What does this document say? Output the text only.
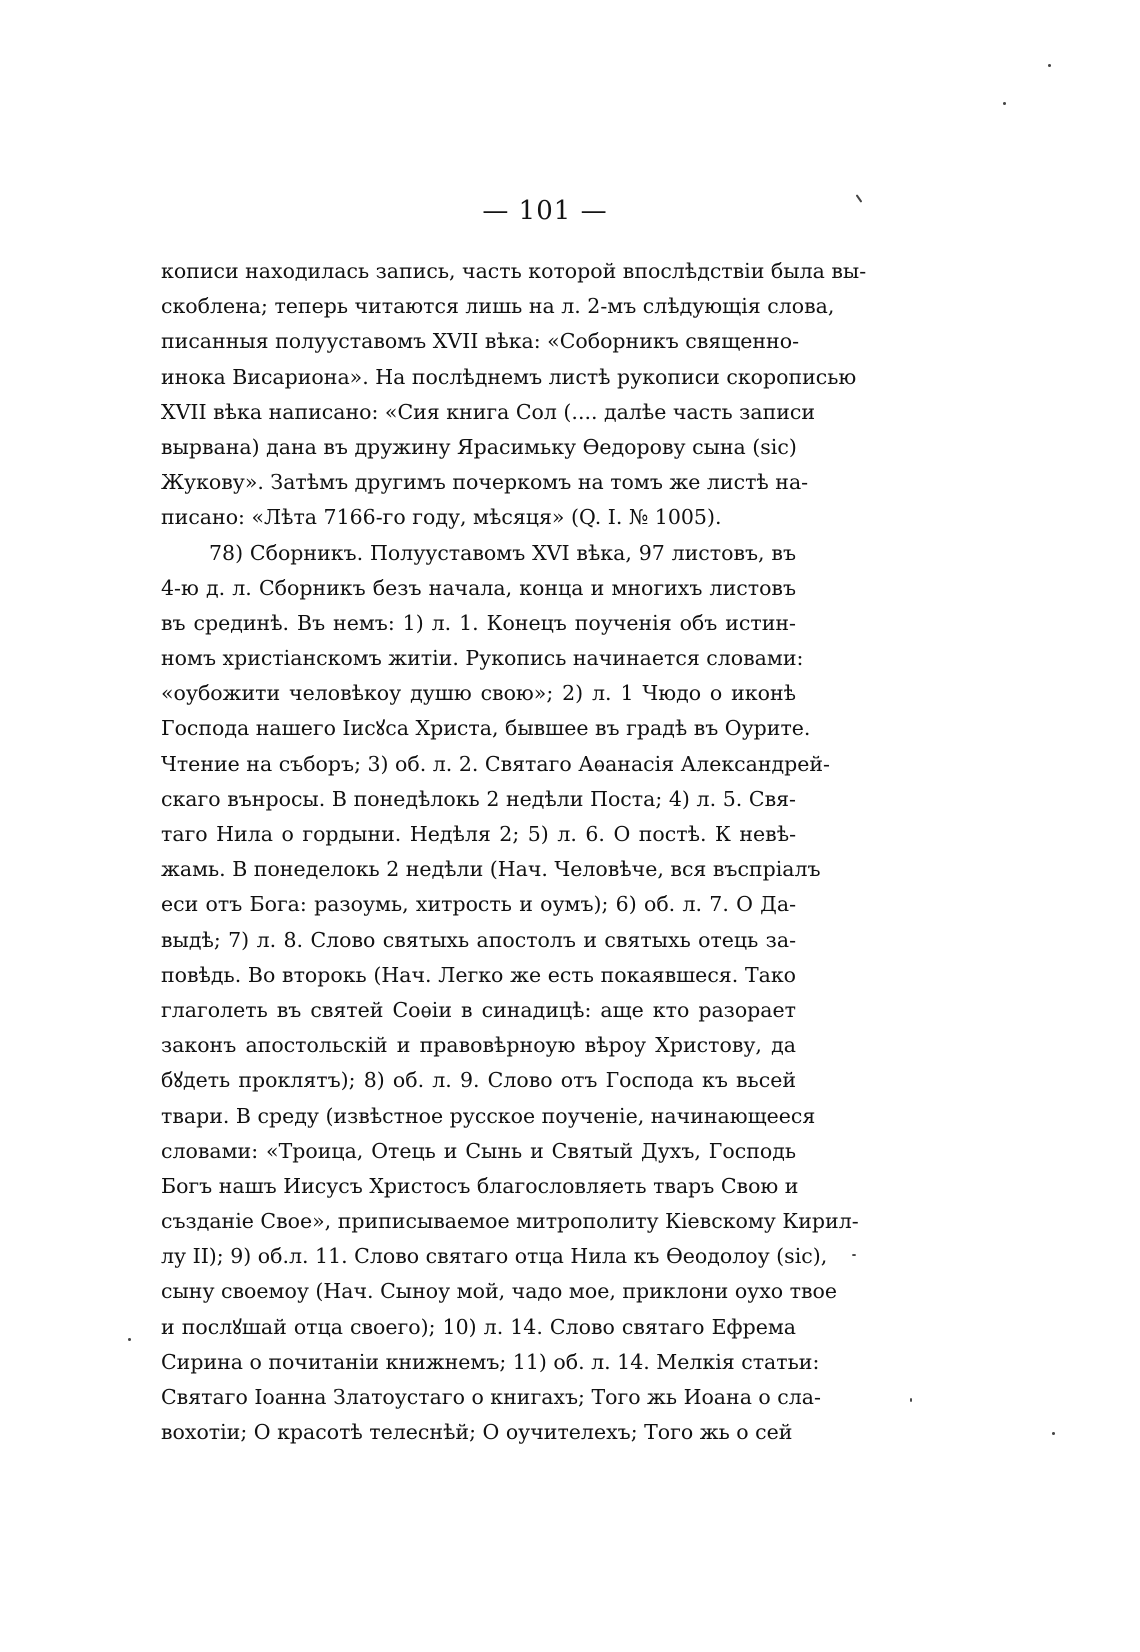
— 101 —
кописи находилась запись, часть которой впослѣдствіи была вы-
скоблена; теперь читаются лишь на л. 2-мъ слѣдующія слова,
писанныя полууставомъ XVII вѣка: «Соборникъ священно-
инока Висариона». На послѣднемъ листѣ рукописи скорописью
XVII вѣка написано: «Сия книга Сол (.... далѣе часть записи
вырвана) дана въ дружину Ярасимьку Ѳедорову сына (sic)
Жукову». Затѣмъ другимъ почеркомъ на томъ же листѣ на-
писано: «Лѣта 7166-го году, мѣсяця» (Q. I. № 1005).
78) Сборникъ. Полууставомъ XVI вѣка, 97 листовъ, въ
4-ю д. л. Сборникъ безъ начала, конца и многихъ листовъ
въ срединѣ. Въ немъ: 1) л. 1. Конецъ поученія объ истин-
номъ христіанскомъ житіи. Рукопись начинается словами:
«оубожити человѣкоу душю свою»; 2) л. 1 Чюдо о иконѣ
Господа нашего Іисꙋса Христа, бывшее въ градѣ въ Оурите.
Чтение на съборъ; 3) об. л. 2. Святаго Аѳанасія Александрей-
скаго вънросы. В понедѣлокь 2 недѣли Поста; 4) л. 5. Свя-
таго Нила о гордыни. Недѣля 2; 5) л. 6. О постѣ. К невѣ-
жамь. В понеделокь 2 недѣли (Нач. Человѣче, вся въспріалъ
еси отъ Бога: разоумь, хитрость и оумъ); 6) об. л. 7. О Да-
выдѣ; 7) л. 8. Слово святыхь апостолъ и святыхь отець за-
повѣдь. Во второкь (Нач. Легко же есть покаявшеся. Тако
глаголеть въ святей Соѳіи в синадицѣ: аще кто разорает
законъ апостольскій и правовѣрноую вѣроу Христову, да
бꙋдеть проклятъ); 8) об. л. 9. Слово отъ Господа къ вьсей
твари. В среду (извѣстное русское поученіе, начинающееся
словами: «Троица, Отець и Сынь и Святый Духъ, Господь
Богъ нашъ Иисусъ Христосъ благословляеть тваръ Свою и
създаніе Свое», приписываемое митрополиту Кіевскому Кирил-
лу II); 9) об.л. 11. Слово святаго отца Нила къ Ѳеодолоу (sic),
сыну своемоу (Нач. Сыноу мой, чадо мое, приклони оухо твое
и послꙋшай отца своего); 10) л. 14. Слово святаго Ефрема
Сирина о почитанiи книжнемъ; 11) об. л. 14. Мелкія статьи:
Святаго Іоанна Златоустаго о книгахъ; Того жь Иоана о сла-
вохотiи; О красотѣ телеснѣй; О оучителехъ; Того жь о сей
